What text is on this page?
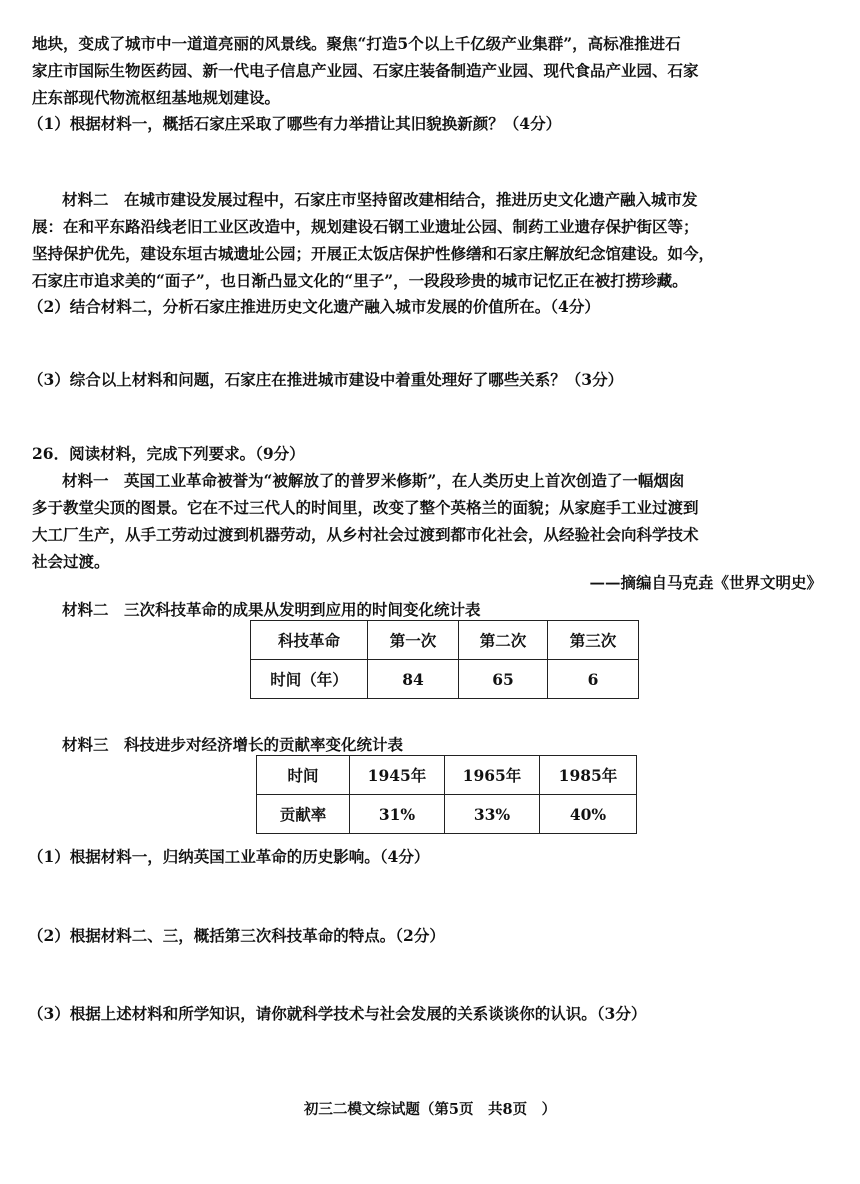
地块，变成了城市中一道道亮丽的风景线。聚焦“打造5个以上千亿级产业集群”，高标准推进石
家庄市国际生物医药园、新一代电子信息产业园、石家庄装备制造产业园、现代食品产业园、石家
庄东部现代物流枢纽基地规划建设。
（1）根据材料一，概括石家庄采取了哪些有力举措让其旧貌换新颜？（4分）
材料二　在城市建设发展过程中，石家庄市坚持留改建相结合，推进历史文化遗产融入城市发
展：在和平东路沿线老旧工业区改造中，规划建设石钢工业遗址公园、制药工业遗存保护街区等；
坚持保护优先，建设东垣古城遗址公园；开展正太饭店保护性修缮和石家庄解放纪念馆建设。如今，
石家庄市追求美的“面子”，也日渐凸显文化的“里子”，一段段珍贵的城市记忆正在被打捞珍藏。
（2）结合材料二，分析石家庄推进历史文化遗产融入城市发展的价值所在。（4分）
（3）综合以上材料和问题，石家庄在推进城市建设中着重处理好了哪些关系？（3分）
26．阅读材料，完成下列要求。（9分）
材料一　英国工业革命被誉为“被解放了的普罗米修斯”，在人类历史上首次创造了一幅烟囱
多于教堂尖顶的图景。它在不过三代人的时间里，改变了整个英格兰的面貌；从家庭手工业过渡到
大工厂生产，从手工劳动过渡到机器劳动，从乡村社会过渡到都市化社会，从经验社会向科学技术
社会过渡。
——摘编自马克垚《世界文明史》
材料二　三次科技革命的成果从发明到应用的时间变化统计表
科技革命	第一次	第二次	第三次
时间（年）	84	65	6
材料三　科技进步对经济增长的贡献率变化统计表
时间	1945年	1965年	1985年
贡献率	31%	33%	40%
（1）根据材料一，归纳英国工业革命的历史影响。（4分）
（2）根据材料二、三，概括第三次科技革命的特点。（2分）
（3）根据上述材料和所学知识，请你就科学技术与社会发展的关系谈谈你的认识。（3分）
初三二模文综试题（第5页　共8页　）
